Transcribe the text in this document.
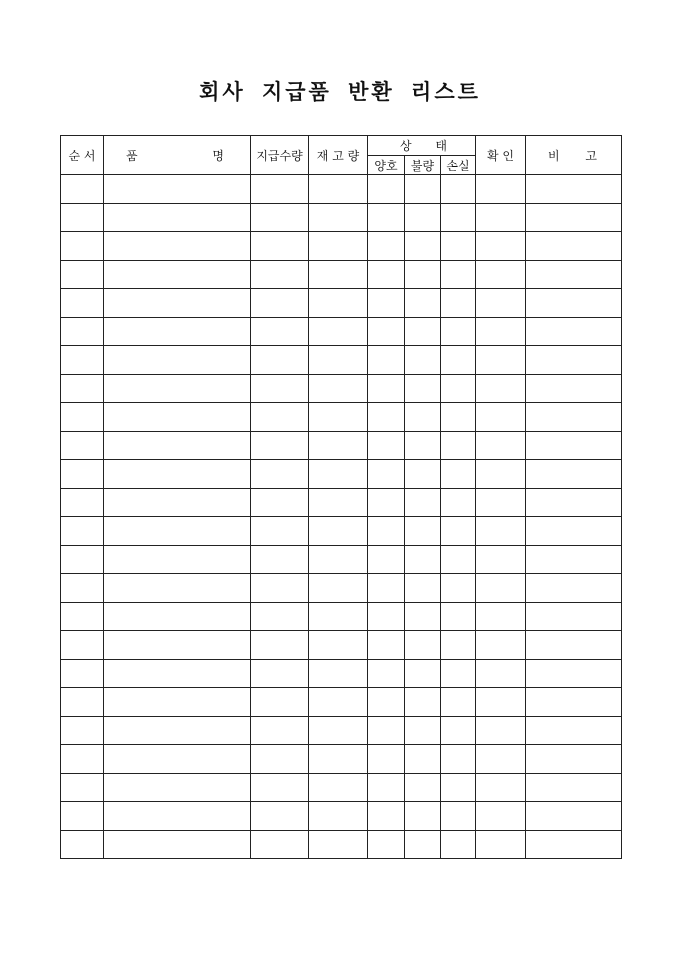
회사 지급품 반환 리스트
순 서	품 명	지급수량	재 고 량	상 태			확 인	비 고

				양호	불량	손실		
